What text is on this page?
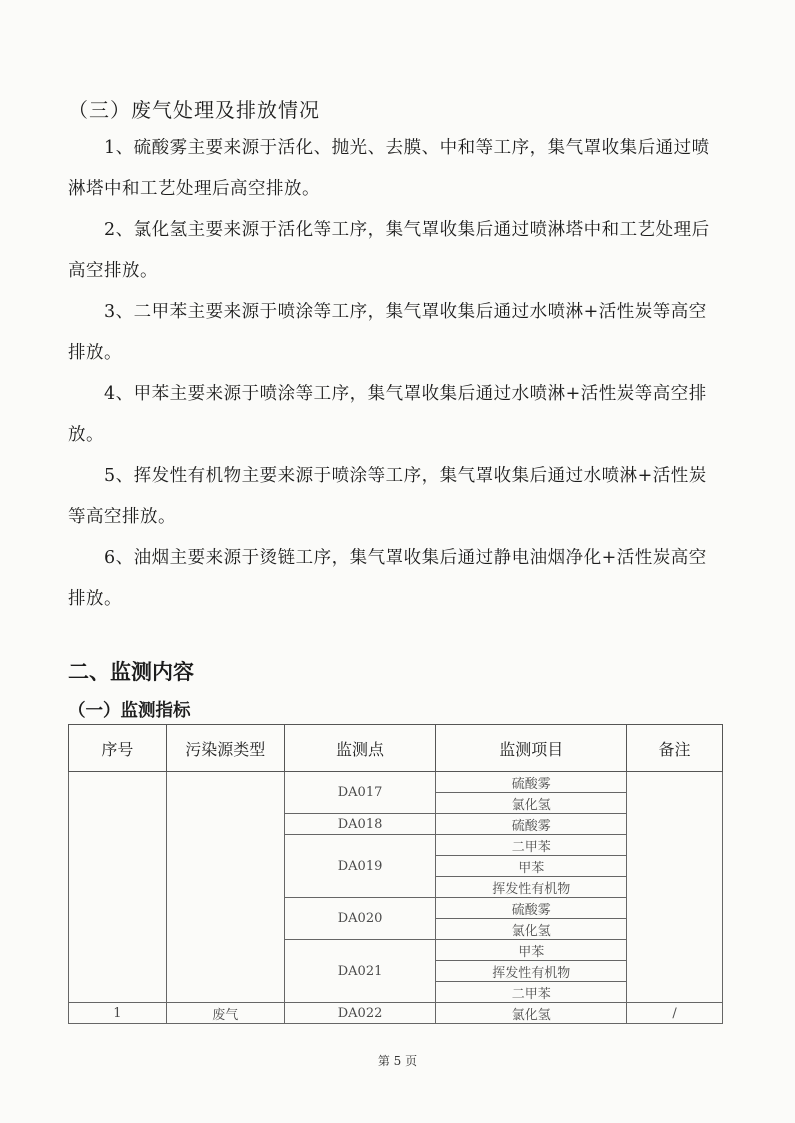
（三）废气处理及排放情况
1、硫酸雾主要来源于活化、抛光、去膜、中和等工序，集气罩收集后通过喷淋塔中和工艺处理后高空排放。
2、氯化氢主要来源于活化等工序，集气罩收集后通过喷淋塔中和工艺处理后高空排放。
3、二甲苯主要来源于喷涂等工序，集气罩收集后通过水喷淋+活性炭等高空排放。
4、甲苯主要来源于喷涂等工序，集气罩收集后通过水喷淋+活性炭等高空排放。
5、挥发性有机物主要来源于喷涂等工序，集气罩收集后通过水喷淋+活性炭等高空排放。
6、油烟主要来源于烫链工序，集气罩收集后通过静电油烟净化+活性炭高空排放。
二、监测内容
（一）监测指标
序号	污染源类型	监测点	监测项目	备注
		DA017	硫酸雾	
			氯化氢	
		DA018	硫酸雾	
		DA019	二甲苯	
			甲苯	
			挥发性有机物	
		DA020	硫酸雾	
			氯化氢	
		DA021	甲苯	
			挥发性有机物	
			二甲苯	
1	废气	DA022	氯化氢	/
第 5 页
